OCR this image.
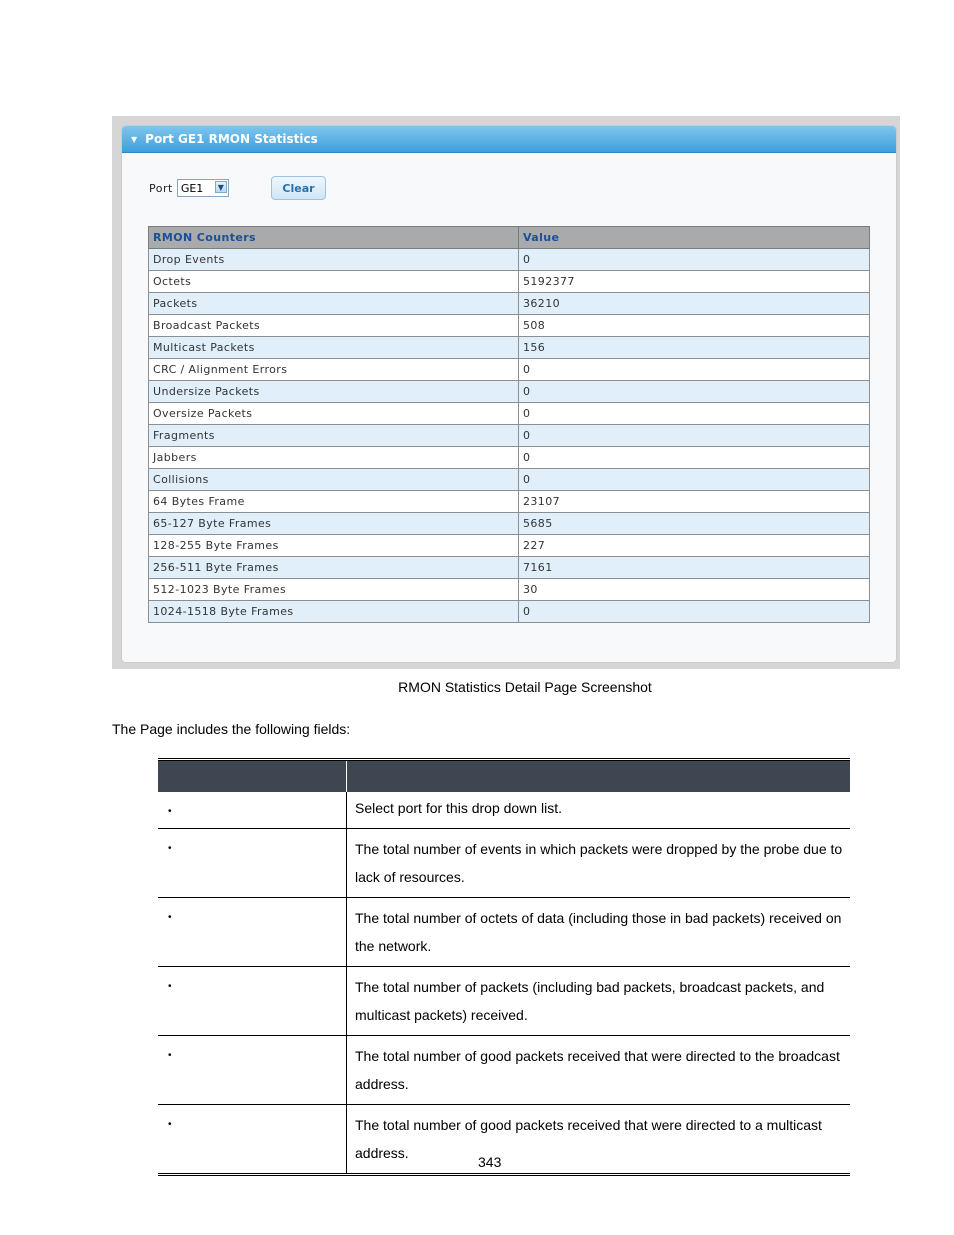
▼ Port GE1 RMON Statistics
Port GE1	▼	Clear
RMON Counters	Value
Drop Events	0
Octets	5192377
Packets	36210
Broadcast Packets	508
Multicast Packets	156
CRC / Alignment Errors	0
Undersize Packets	0
Oversize Packets	0
Fragments	0
Jabbers	0
Collisions	0
64 Bytes Frame	23107
65-127 Byte Frames	5685
128-255 Byte Frames	227
256-511 Byte Frames	7161
512-1023 Byte Frames	30
1024-1518 Byte Frames	0
RMON Statistics Detail Page Screenshot
The Page includes the following fields:

•	Select port for this drop down list.

•	The total number of events in which packets were dropped by the probe due to lack of resources.

•	The total number of octets of data (including those in bad packets) received on the network.

•	The total number of packets (including bad packets, broadcast packets, and multicast packets) received.

•	The total number of good packets received that were directed to the broadcast address.

•	The total number of good packets received that were directed to a multicast address.
343
